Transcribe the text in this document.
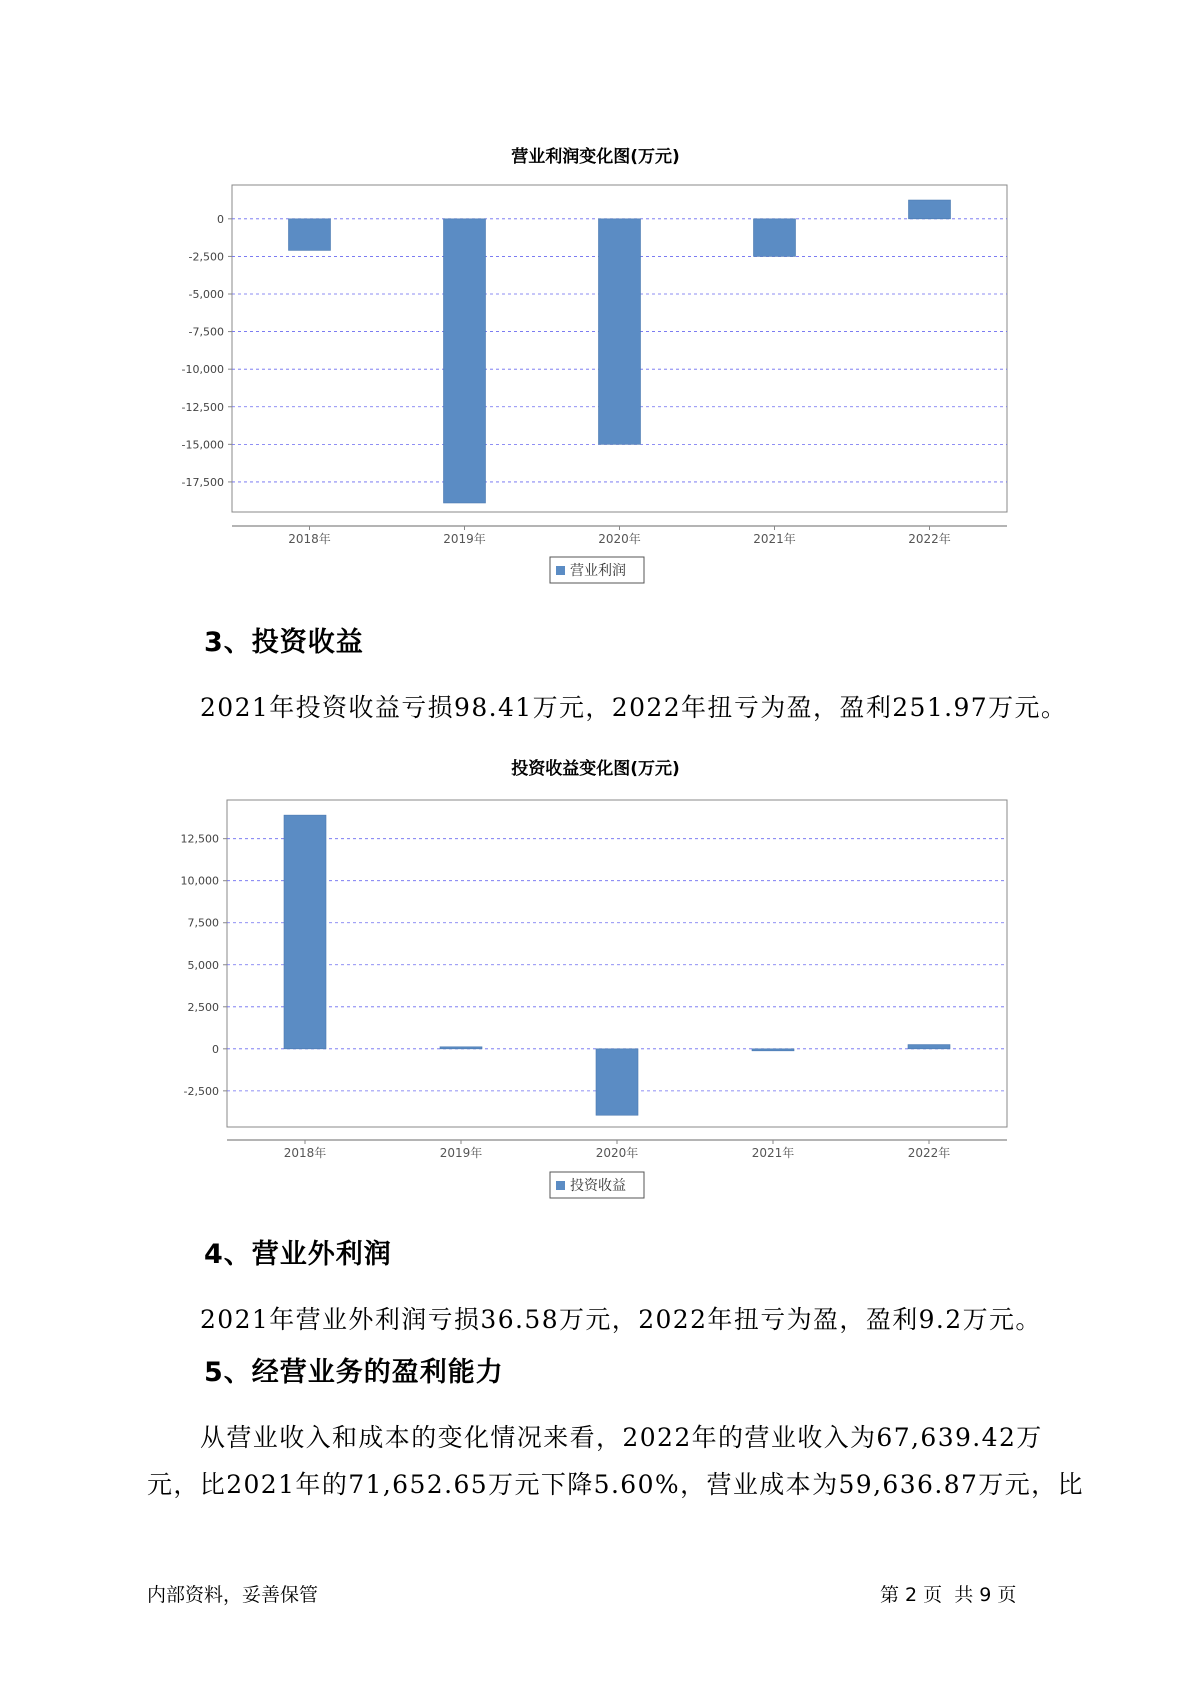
营业利润变化图(万元)
0
-2,500
-5,000
-7,500
-10,000
-12,500
-15,000
-17,500
2018年	2019年	2020年	2021年	2022年
营业利润
3、投资收益
2021年投资收益亏损98.41万元，2022年扭亏为盈，盈利251.97万元。
投资收益变化图(万元)
12,500
10,000
7,500
5,000
2,500
0
-2,500
2018年	2019年	2020年	2021年	2022年
投资收益
4、营业外利润
2021年营业外利润亏损36.58万元，2022年扭亏为盈，盈利9.2万元。
5、经营业务的盈利能力
从营业收入和成本的变化情况来看，2022年的营业收入为67,639.42万
元，比2021年的71,652.65万元下降5.60%，营业成本为59,636.87万元，比
内部资料，妥善保管	第 2 页  共 9 页
